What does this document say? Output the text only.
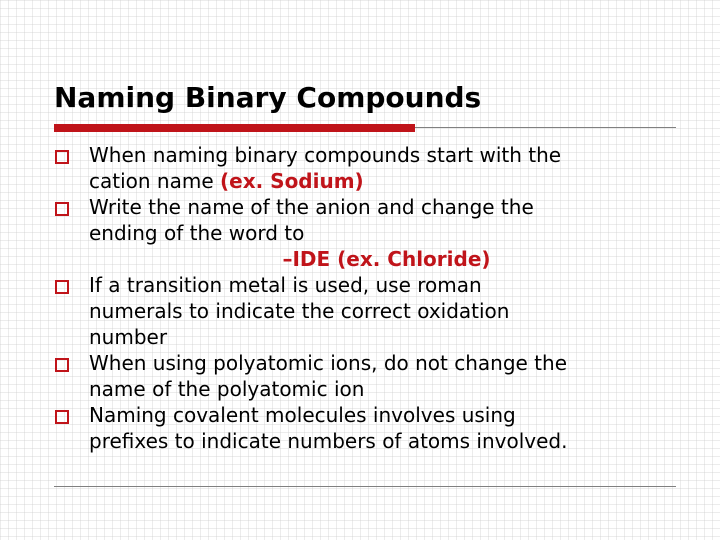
Naming Binary Compounds
When naming binary compounds start with the
cation name (ex. Sodium)
Write the name of the anion and change the
ending of the word to
–IDE (ex. Chloride)
If a transition metal is used, use roman
numerals to indicate the correct oxidation
number
When using polyatomic ions, do not change the
name of the polyatomic ion
Naming covalent molecules involves using
prefixes to indicate numbers of atoms involved.
